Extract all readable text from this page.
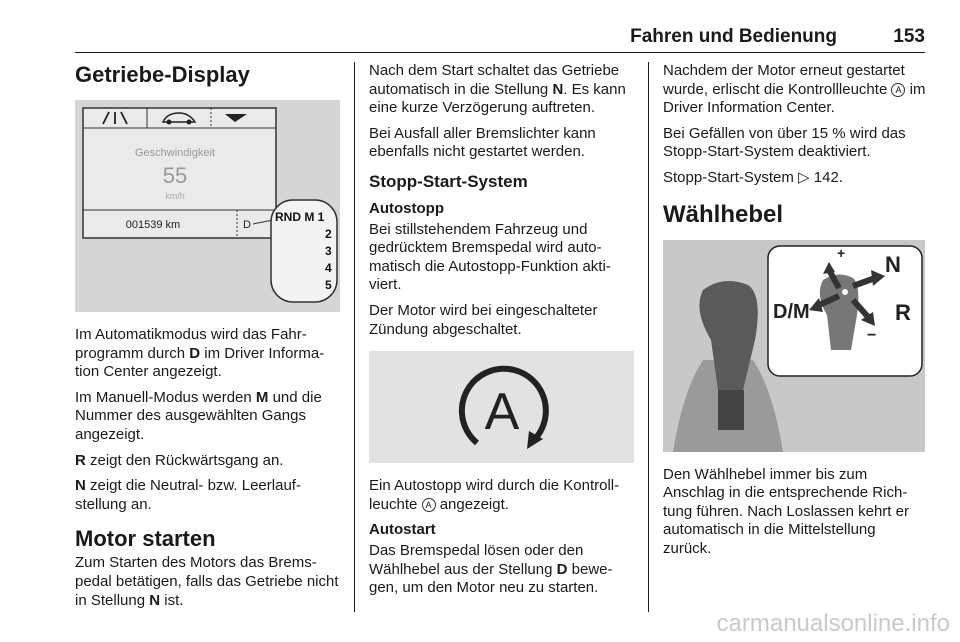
Fahren und Bedienung	153
Getriebe-Display
Geschwindigkeit
55
km/h
001539 km	D
RND M 1
2
3
4
5

Im Automatikmodus wird das Fahrprogramm durch D im Driver Information Center angezeigt.

Im Manuell-Modus werden M und die Nummer des ausgewählten Gangs angezeigt.

R zeigt den Rückwärtsgang an.

N zeigt die Neutral- bzw. Leerlaufstellung an.

Motor starten

Zum Starten des Motors das Bremspedal betätigen, falls das Getriebe nicht in Stellung N ist.

Nach dem Start schaltet das Getriebe automatisch in die Stellung N. Es kann eine kurze Verzögerung auftreten.

Bei Ausfall aller Bremslichter kann ebenfalls nicht gestartet werden.

Stopp-Start-System
Autostopp

Bei stillstehendem Fahrzeug und gedrücktem Bremspedal wird automatisch die Autostopp-Funktion aktiviert.

Der Motor wird bei eingeschalteter Zündung abgeschaltet.

A

Ein Autostopp wird durch die Kontrollleuchte A angezeigt.

Autostart

Das Bremspedal lösen oder den Wählhebel aus der Stellung D bewegen, um den Motor neu zu starten.

Nachdem der Motor erneut gestartet wurde, erlischt die Kontrollleuchte A im Driver Information Center.

Bei Gefällen von über 15 % wird das Stopp-Start-System deaktiviert.

Stopp-Start-System ▷ 142.

Wählhebel
+ N
D/M	R
−

Den Wählhebel immer bis zum Anschlag in die entsprechende Richtung führen. Nach Loslassen kehrt er automatisch in die Mittelstellung zurück.

carmanualsonline.info
